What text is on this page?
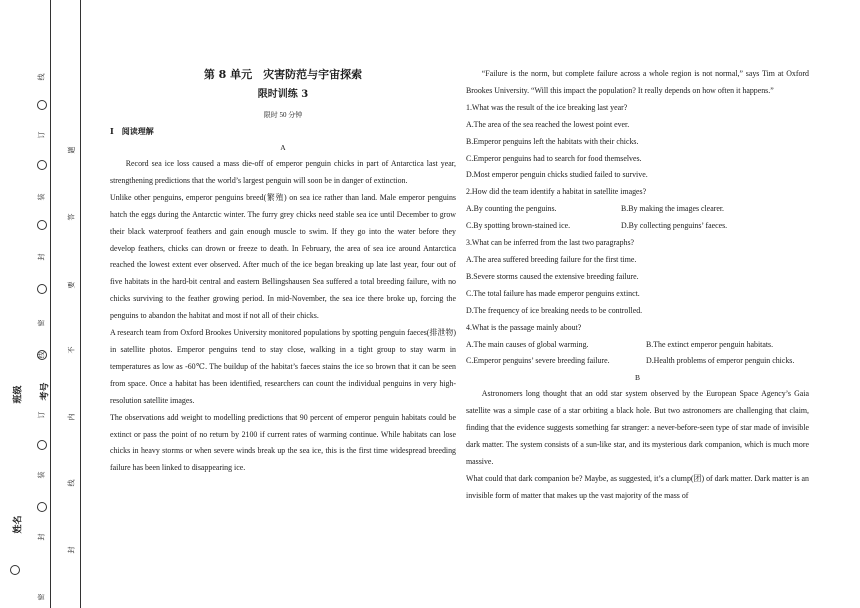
班级
姓名
考号
线
订
装
封
密
线
订
装
封
密
题
答
要
不
内
线
封
第 8 单元　灾害防范与宇宙探索
限时训练 3
限时 50 分钟
Ⅰ　阅读理解
A

Record sea ice loss caused a mass die-off of emperor penguin chicks in part of Antarctica last year, strengthening predictions that the world’s largest penguin will soon be in danger of extinction.

Unlike other penguins, emperor penguins breed(繁殖) on sea ice rather than land. Male emperor penguins hatch the eggs during the Antarctic winter. The furry grey chicks need stable sea ice until December to grow their black waterproof feathers and gain enough muscle to swim. If they go into the water before they develop feathers, chicks can drown or freeze to death. In February, the area of sea ice around Antarctica reached the lowest extent ever observed. After much of the ice began breaking up late last year, four out of five habitats in the hard-bit central and eastern Bellingshausen Sea suffered a total breeding failure, with no chicks surviving to the feather growing period. In mid-November, the sea ice there broke up, forcing the penguins to abandon the habitat and most if not all of their chicks.

A research team from Oxford Brookes University monitored populations by spotting penguin faeces(排泄物) in satellite photos. Emperor penguins tend to stay close, walking in a tight group to stay warm in temperatures as low as -60℃. The buildup of the habitat’s faeces stains the ice so brown that it can be seen from space. Once a habitat has been identified, researchers can count the individual penguins in very high-resolution satellite images.

The observations add weight to modelling predictions that 90 percent of emperor penguin habitats could be extinct or pass the point of no return by 2100 if current rates of warming continue. While habitats can lose chicks in heavy storms or when severe winds break up the sea ice, this is the first time widespread breeding failure has been linked to disappearing ice.

“Failure is the norm, but complete failure across a whole region is not normal,” says Tim at Oxford Brookes University. “Will this impact the population? It really depends on how often it happens.”

1.What was the result of the ice breaking last year?

A.The area of the sea reached the lowest point ever.

B.Emperor penguins left the habitats with their chicks.

C.Emperor penguins had to search for food themselves.

D.Most emperor penguin chicks studied failed to survive.

2.How did the team identify a habitat in satellite images?

A.By counting the penguins.	B.By making the images clearer.
C.By spotting brown-stained ice.	D.By collecting penguins’ faeces.

3.What can be inferred from the last two paragraphs?

A.The area suffered breeding failure for the first time.

B.Severe storms caused the extensive breeding failure.

C.The total failure has made emperor penguins extinct.

D.The frequency of ice breaking needs to be controlled.

4.What is the passage mainly about?

A.The main causes of global warming.	B.The extinct emperor penguin habitats.
C.Emperor penguins’ severe breeding failure.	D.Health problems of emperor penguin chicks.
B

Astronomers long thought that an odd star system observed by the European Space Agency’s Gaia satellite was a simple case of a star orbiting a black hole. But two astronomers are challenging that claim, finding that the evidence suggests something far stranger: a never-before-seen type of star made of invisible dark matter. The system consists of a sun-like star, and its mysterious dark companion, which is much more massive.

What could that dark companion be? Maybe, as suggested, it’s a clump(团) of dark matter. Dark matter is an invisible form of matter that makes up the vast majority of the mass of
